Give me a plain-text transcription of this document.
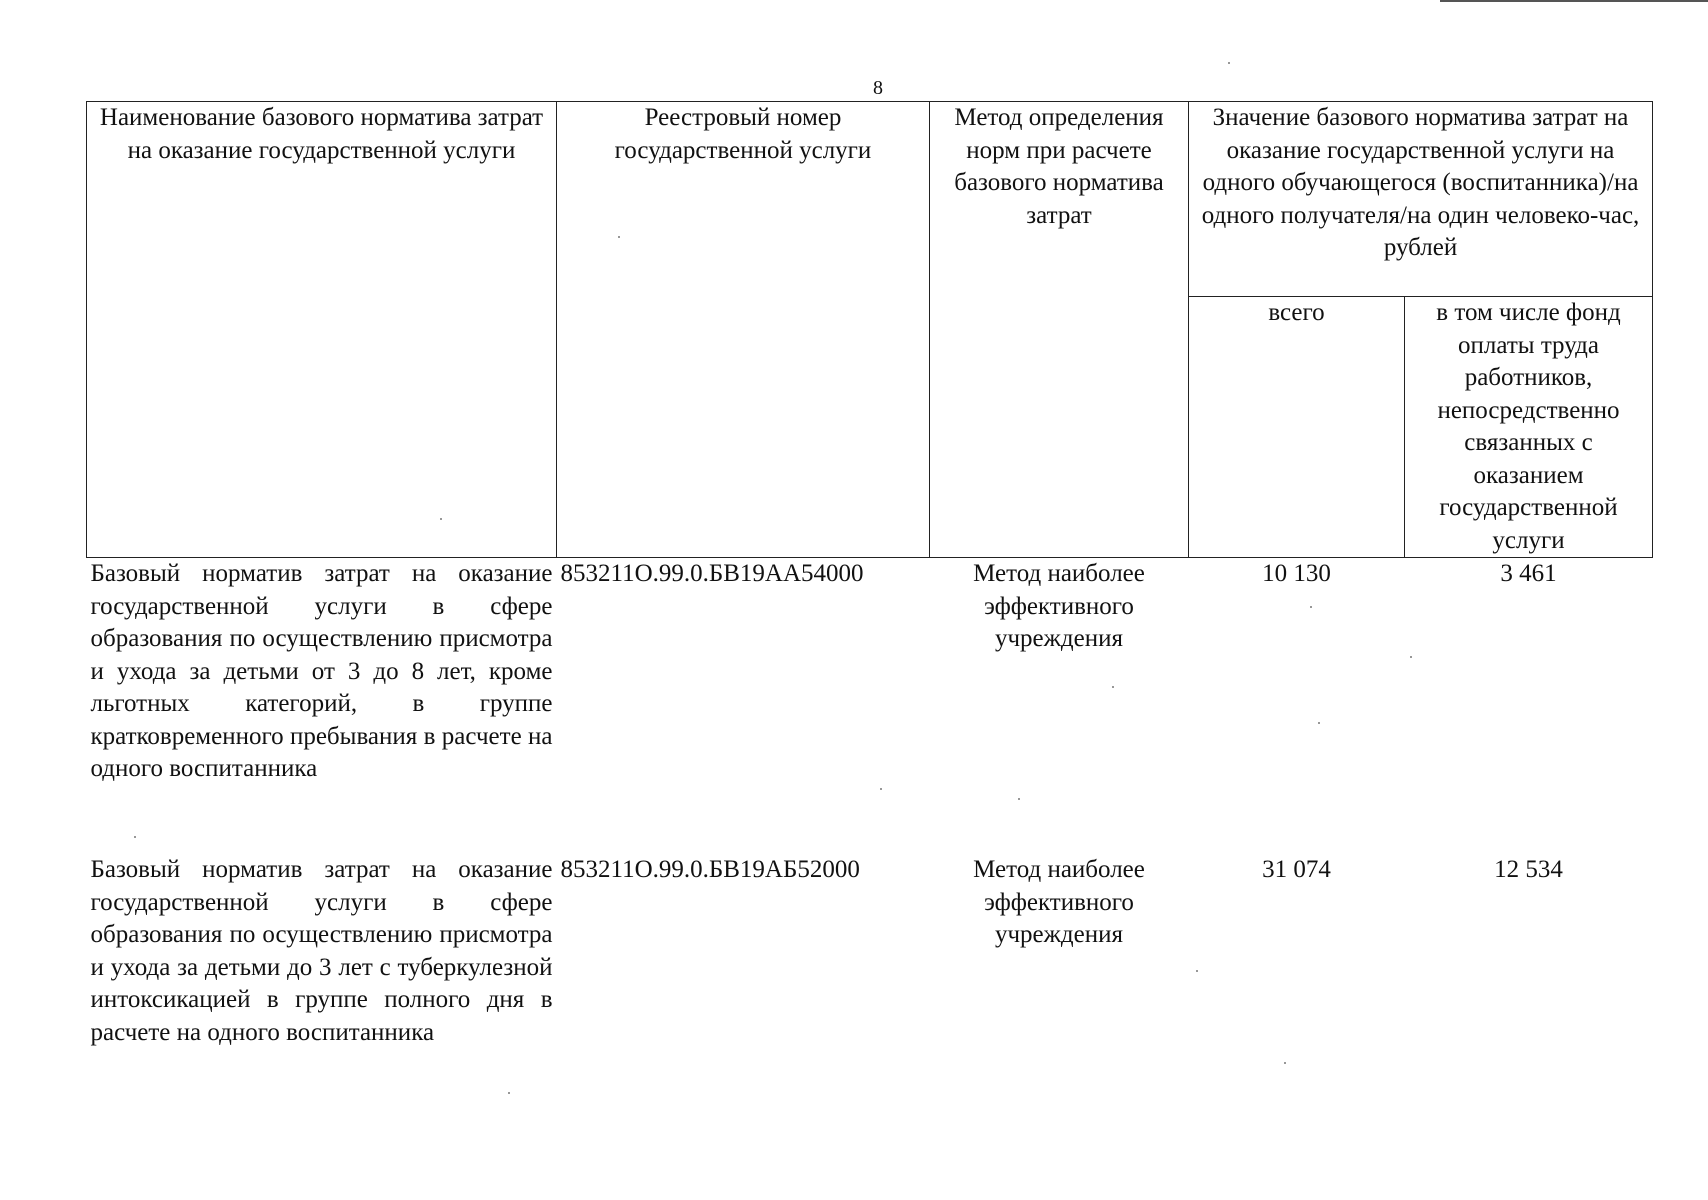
8
Наименование базового норматива затрат на оказание государственной услуги	Реестровый номер государственной услуги	Метод определения норм при расчете базового норматива затрат	Значение базового норматива затрат на оказание государственной услуги на одного обучающегося (воспитанника)/на одного получателя/на один человеко-час, рублей	
			всего	в том числе фонд оплаты труда работников, непосредственно связанных с оказанием государственной услуги
Базовый норматив затрат на оказание государственной услуги в сфере образования по осуществлению присмотра и ухода за детьми от 3 до 8 лет, кроме льготных категорий, в группе кратковременного пребывания в расчете на одного воспитанника	853211О.99.0.БВ19АА54000	Метод наиболее эффективного учреждения	10 130	3 461
Базовый норматив затрат на оказание государственной услуги в сфере образования по осуществлению присмотра и ухода за детьми до 3 лет с туберкулезной интоксикацией в группе полного дня в расчете на одного воспитанника	853211О.99.0.БВ19АБ52000	Метод наиболее эффективного учреждения	31 074	12 534
